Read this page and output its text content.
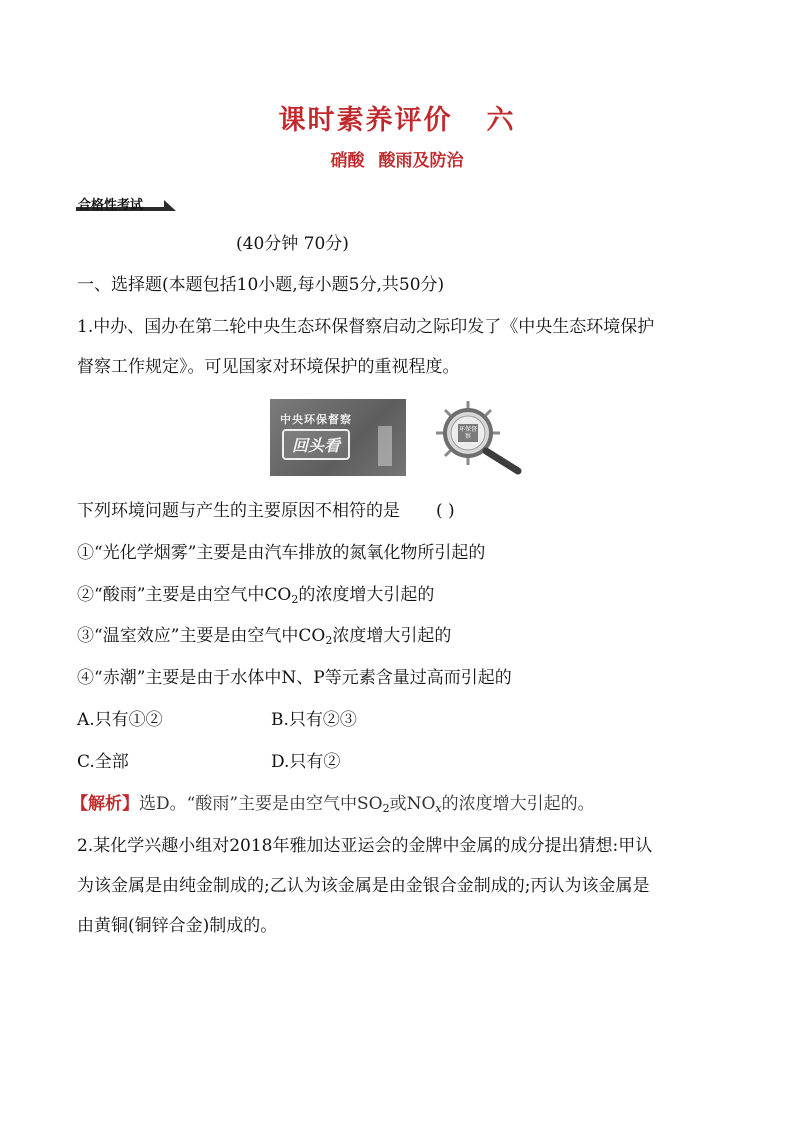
课时素养评价 六
硝酸 酸雨及防治
合格性考试
(40分钟 70分)
一、选择题(本题包括10小题,每小题5分,共50分)
1.中办、国办在第二轮中央生态环保督察启动之际印发了《中央生态环境保护
督察工作规定》。可见国家对环境保护的重视程度。
中央环保督察
回头看
环保督察
下列环境问题与产生的主要原因不相符的是 ( )
①“光化学烟雾”主要是由汽车排放的氮氧化物所引起的
②“酸雨”主要是由空气中$CO_2$的浓度增大引起的
③“温室效应”主要是由空气中$CO_2$浓度增大引起的
④“赤潮”主要是由于水体中N、P等元素含量过高而引起的
A.只有①②	B.只有②③
C.全部	D.只有②
【解析】选D。“酸雨”主要是由空气中$SO_2$或$NO_x$的浓度增大引起的。
2.某化学兴趣小组对2018年雅加达亚运会的金牌中金属的成分提出猜想:甲认
为该金属是由纯金制成的;乙认为该金属是由金银合金制成的;丙认为该金属是
由黄铜(铜锌合金)制成的。
